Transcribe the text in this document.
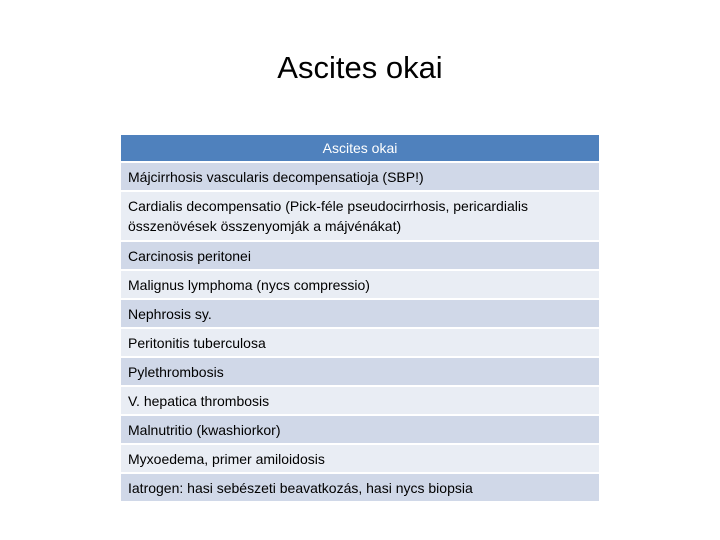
Ascites okai
Ascites okai
Májcirrhosis vascularis decompensatioja (SBP!)
Cardialis decompensatio (Pick-féle pseudocirrhosis, pericardialis összenövések összenyomják a májvénákat)
Carcinosis peritonei
Malignus lymphoma (nycs compressio)
Nephrosis sy.
Peritonitis tuberculosa
Pylethrombosis
V. hepatica thrombosis
Malnutritio (kwashiorkor)
Myxoedema, primer amiloidosis
Iatrogen: hasi sebészeti beavatkozás, hasi nycs biopsia
